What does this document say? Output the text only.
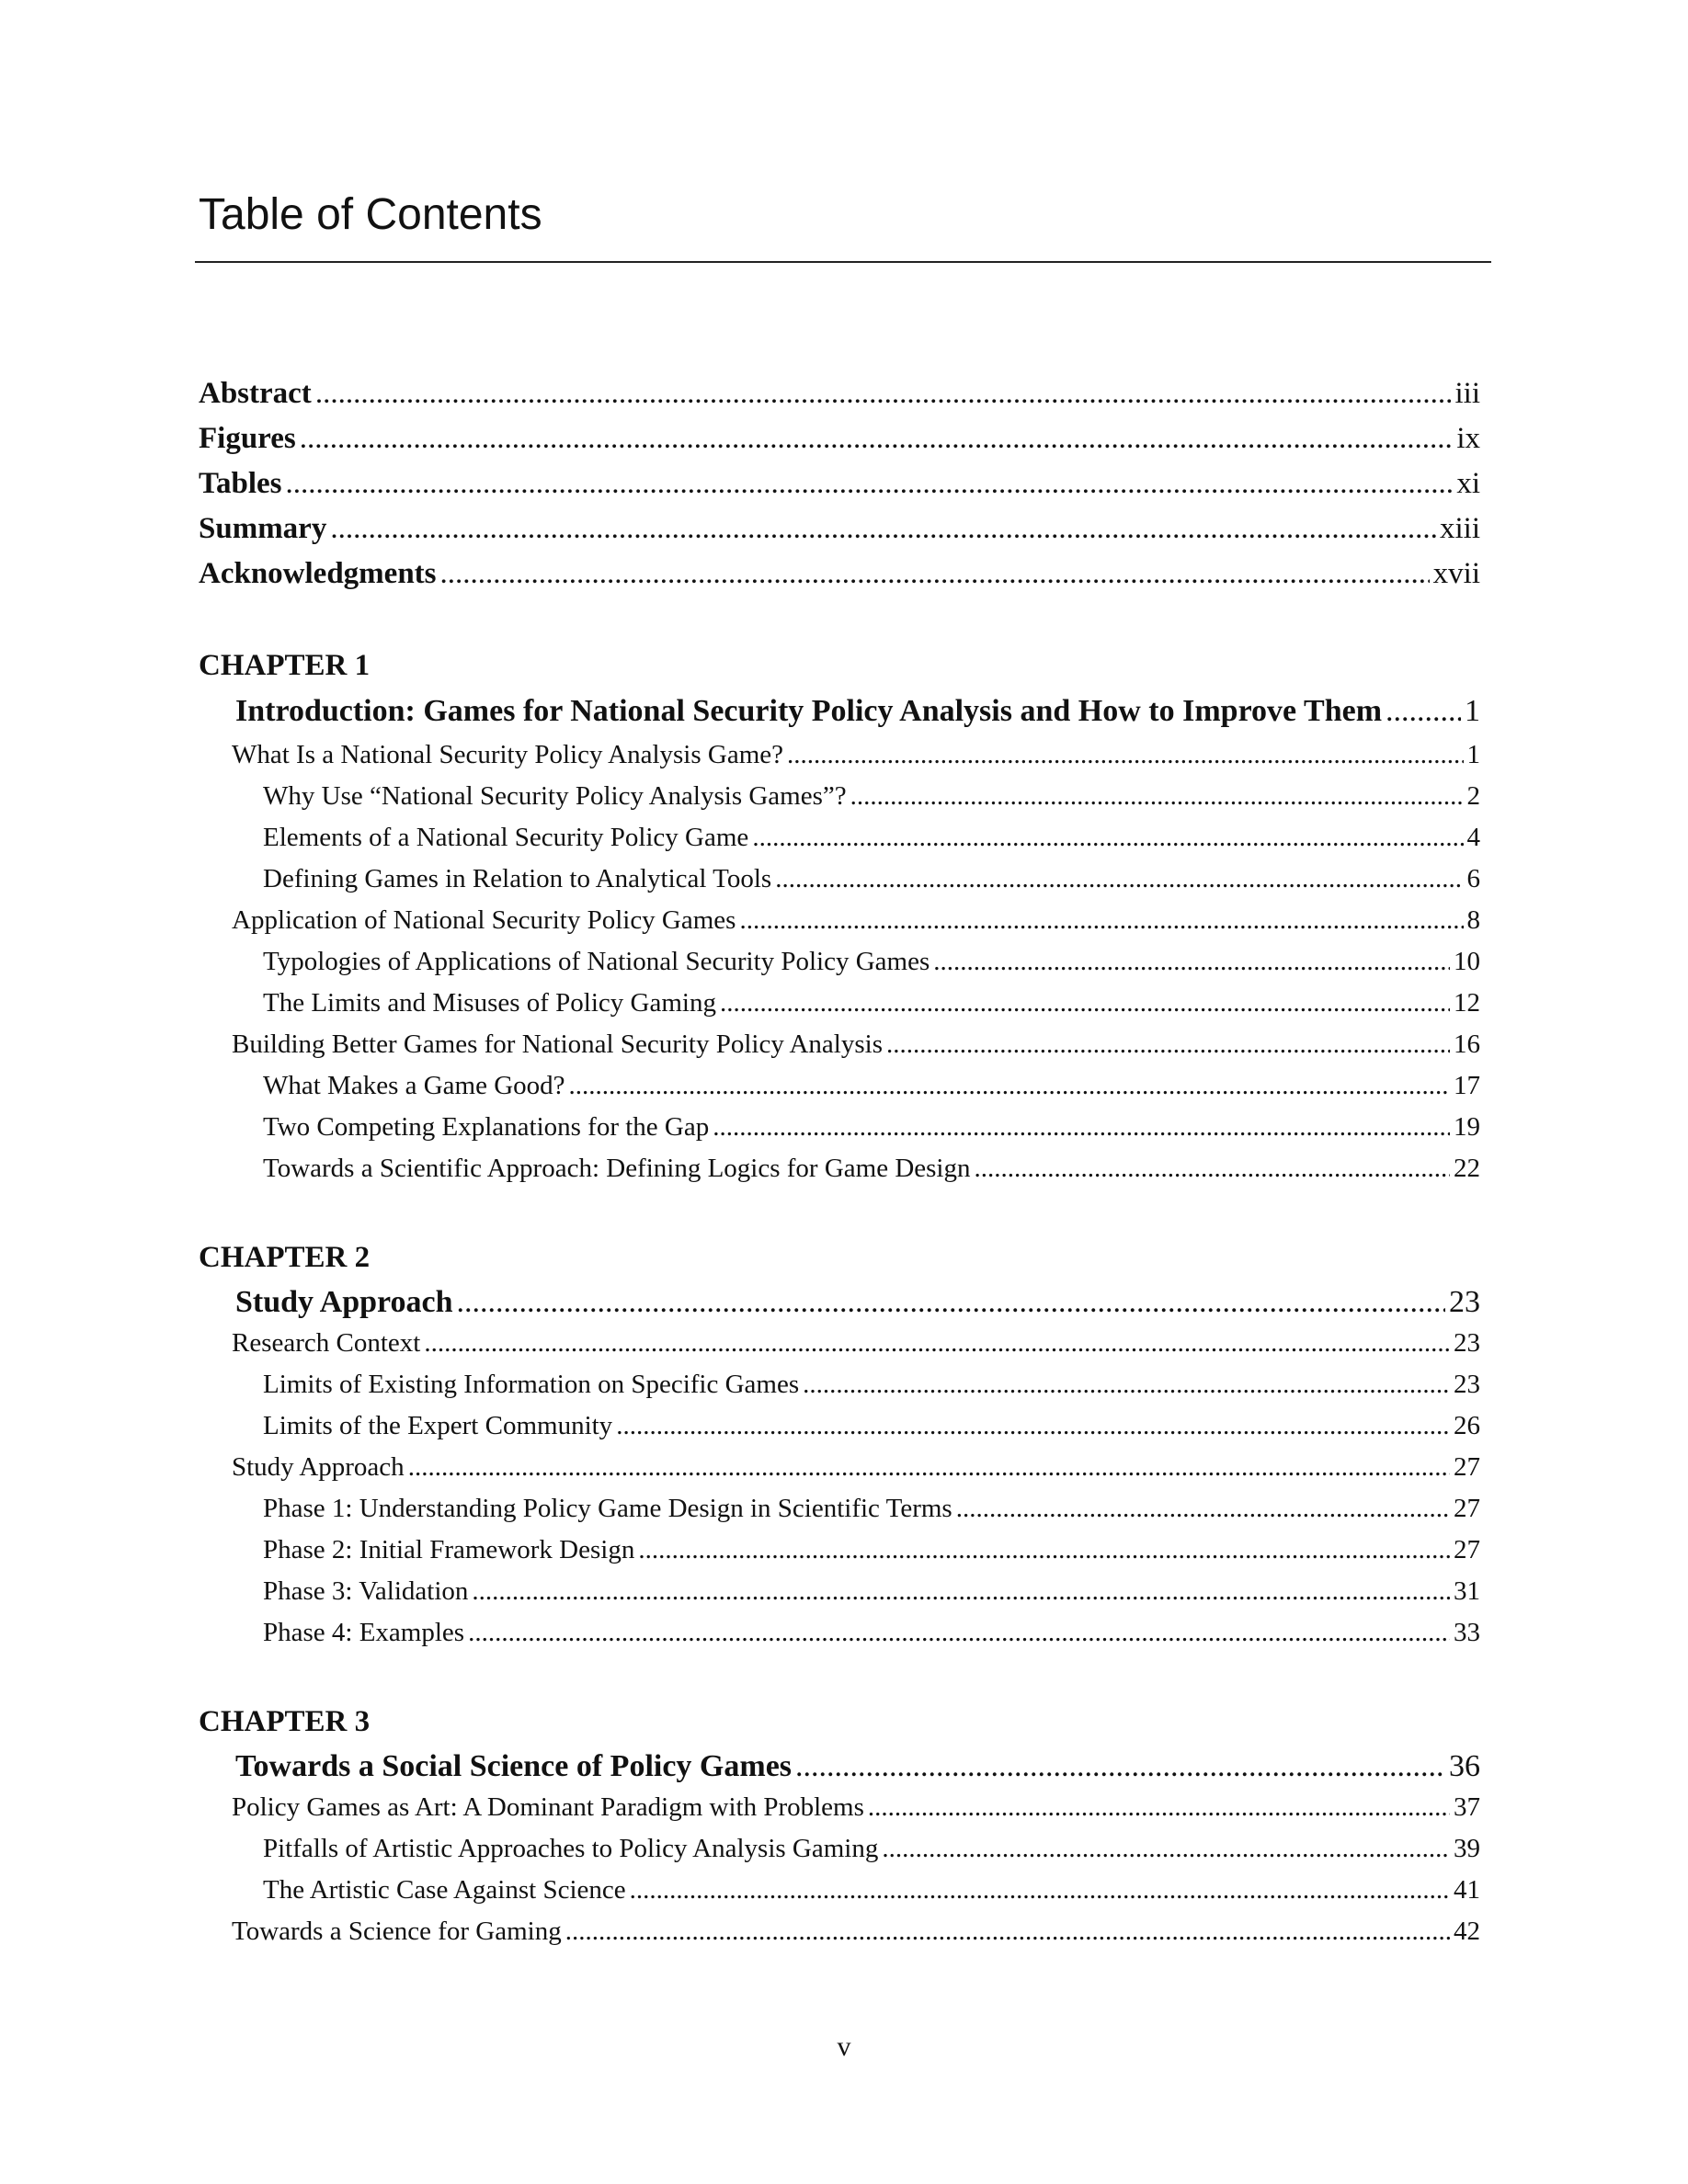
Table of Contents
Abstract .....	iii
Figures .....	ix
Tables .....	xi
Summary .....	xiii
Acknowledgments .....	xvii
CHAPTER 1
Introduction: Games for National Security Policy Analysis and How to Improve Them .....	1
What Is a National Security Policy Analysis Game? .....	1
Why Use “National Security Policy Analysis Games”? .....	2
Elements of a National Security Policy Game .....	4
Defining Games in Relation to Analytical Tools .....	6
Application of National Security Policy Games .....	8
Typologies of Applications of National Security Policy Games .....	10
The Limits and Misuses of Policy Gaming .....	12
Building Better Games for National Security Policy Analysis .....	16
What Makes a Game Good? .....	17
Two Competing Explanations for the Gap .....	19
Towards a Scientific Approach: Defining Logics for Game Design .....	22
CHAPTER 2
Study Approach .....	23
Research Context .....	23
Limits of Existing Information on Specific Games .....	23
Limits of the Expert Community .....	26
Study Approach .....	27
Phase 1: Understanding Policy Game Design in Scientific Terms .....	27
Phase 2: Initial Framework Design .....	27
Phase 3: Validation .....	31
Phase 4: Examples .....	33
CHAPTER 3
Towards a Social Science of Policy Games .....	36
Policy Games as Art: A Dominant Paradigm with Problems .....	37
Pitfalls of Artistic Approaches to Policy Analysis Gaming .....	39
The Artistic Case Against Science .....	41
Towards a Science for Gaming .....	42
v
